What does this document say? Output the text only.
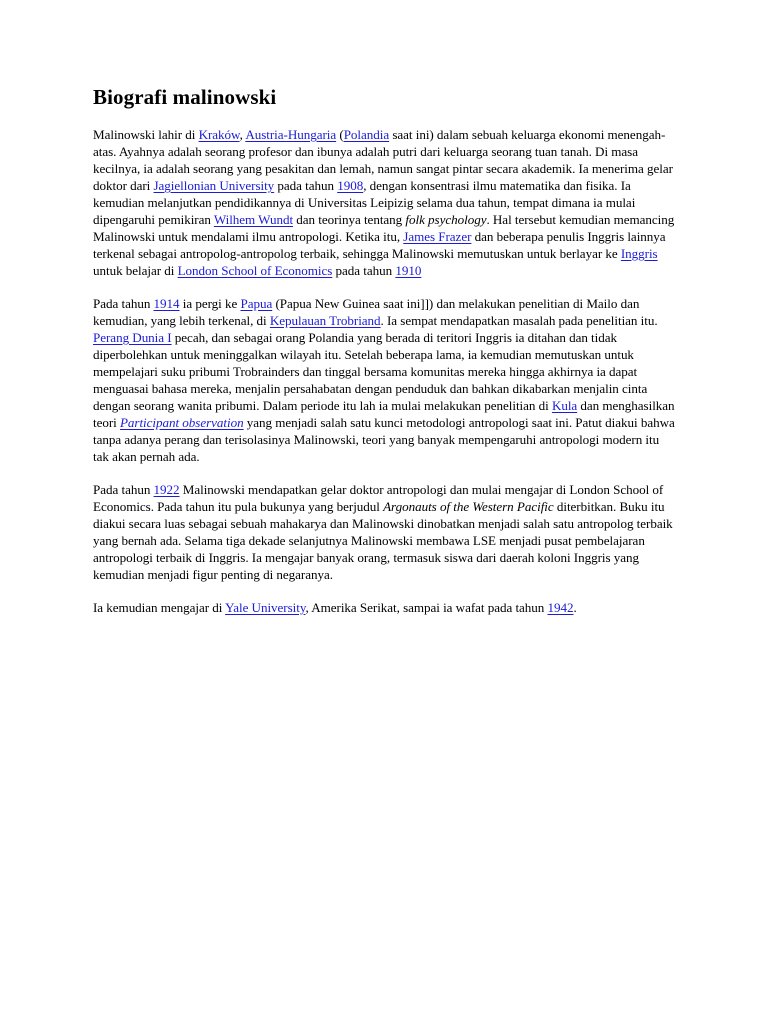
Biografi malinowski

Malinowski lahir di Kraków, Austria-Hungaria (Polandia saat ini) dalam sebuah keluarga ekonomi menengah-atas. Ayahnya adalah seorang profesor dan ibunya adalah putri dari keluarga seorang tuan tanah. Di masa kecilnya, ia adalah seorang yang pesakitan dan lemah, namun sangat pintar secara akademik. Ia menerima gelar doktor dari Jagiellonian University pada tahun 1908, dengan konsentrasi ilmu matematika dan fisika. Ia kemudian melanjutkan pendidikannya di Universitas Leipizig selama dua tahun, tempat dimana ia mulai dipengaruhi pemikiran Wilhem Wundt dan teorinya tentang folk psychology. Hal tersebut kemudian memancing Malinowski untuk mendalami ilmu antropologi. Ketika itu, James Frazer dan beberapa penulis Inggris lainnya terkenal sebagai antropolog-antropolog terbaik, sehingga Malinowski memutuskan untuk berlayar ke Inggris untuk belajar di London School of Economics pada tahun 1910

Pada tahun 1914 ia pergi ke Papua (Papua New Guinea saat ini]]) dan melakukan penelitian di Mailo dan kemudian, yang lebih terkenal, di Kepulauan Trobriand. Ia sempat mendapatkan masalah pada penelitian itu. Perang Dunia I pecah, dan sebagai orang Polandia yang berada di teritori Inggris ia ditahan dan tidak diperbolehkan untuk meninggalkan wilayah itu. Setelah beberapa lama, ia kemudian memutuskan untuk mempelajari suku pribumi Trobrainders dan tinggal bersama komunitas mereka hingga akhirnya ia dapat menguasai bahasa mereka, menjalin persahabatan dengan penduduk dan bahkan dikabarkan menjalin cinta dengan seorang wanita pribumi. Dalam periode itu lah ia mulai melakukan penelitian di Kula dan menghasilkan teori Participant observation yang menjadi salah satu kunci metodologi antropologi saat ini. Patut diakui bahwa tanpa adanya perang dan terisolasinya Malinowski, teori yang banyak mempengaruhi antropologi modern itu tak akan pernah ada.

Pada tahun 1922 Malinowski mendapatkan gelar doktor antropologi dan mulai mengajar di London School of Economics. Pada tahun itu pula bukunya yang berjudul Argonauts of the Western Pacific diterbitkan. Buku itu diakui secara luas sebagai sebuah mahakarya dan Malinowski dinobatkan menjadi salah satu antropolog terbaik yang bernah ada. Selama tiga dekade selanjutnya Malinowski membawa LSE menjadi pusat pembelajaran antropologi terbaik di Inggris. Ia mengajar banyak orang, termasuk siswa dari daerah koloni Inggris yang kemudian menjadi figur penting di negaranya.

Ia kemudian mengajar di Yale University, Amerika Serikat, sampai ia wafat pada tahun 1942.
